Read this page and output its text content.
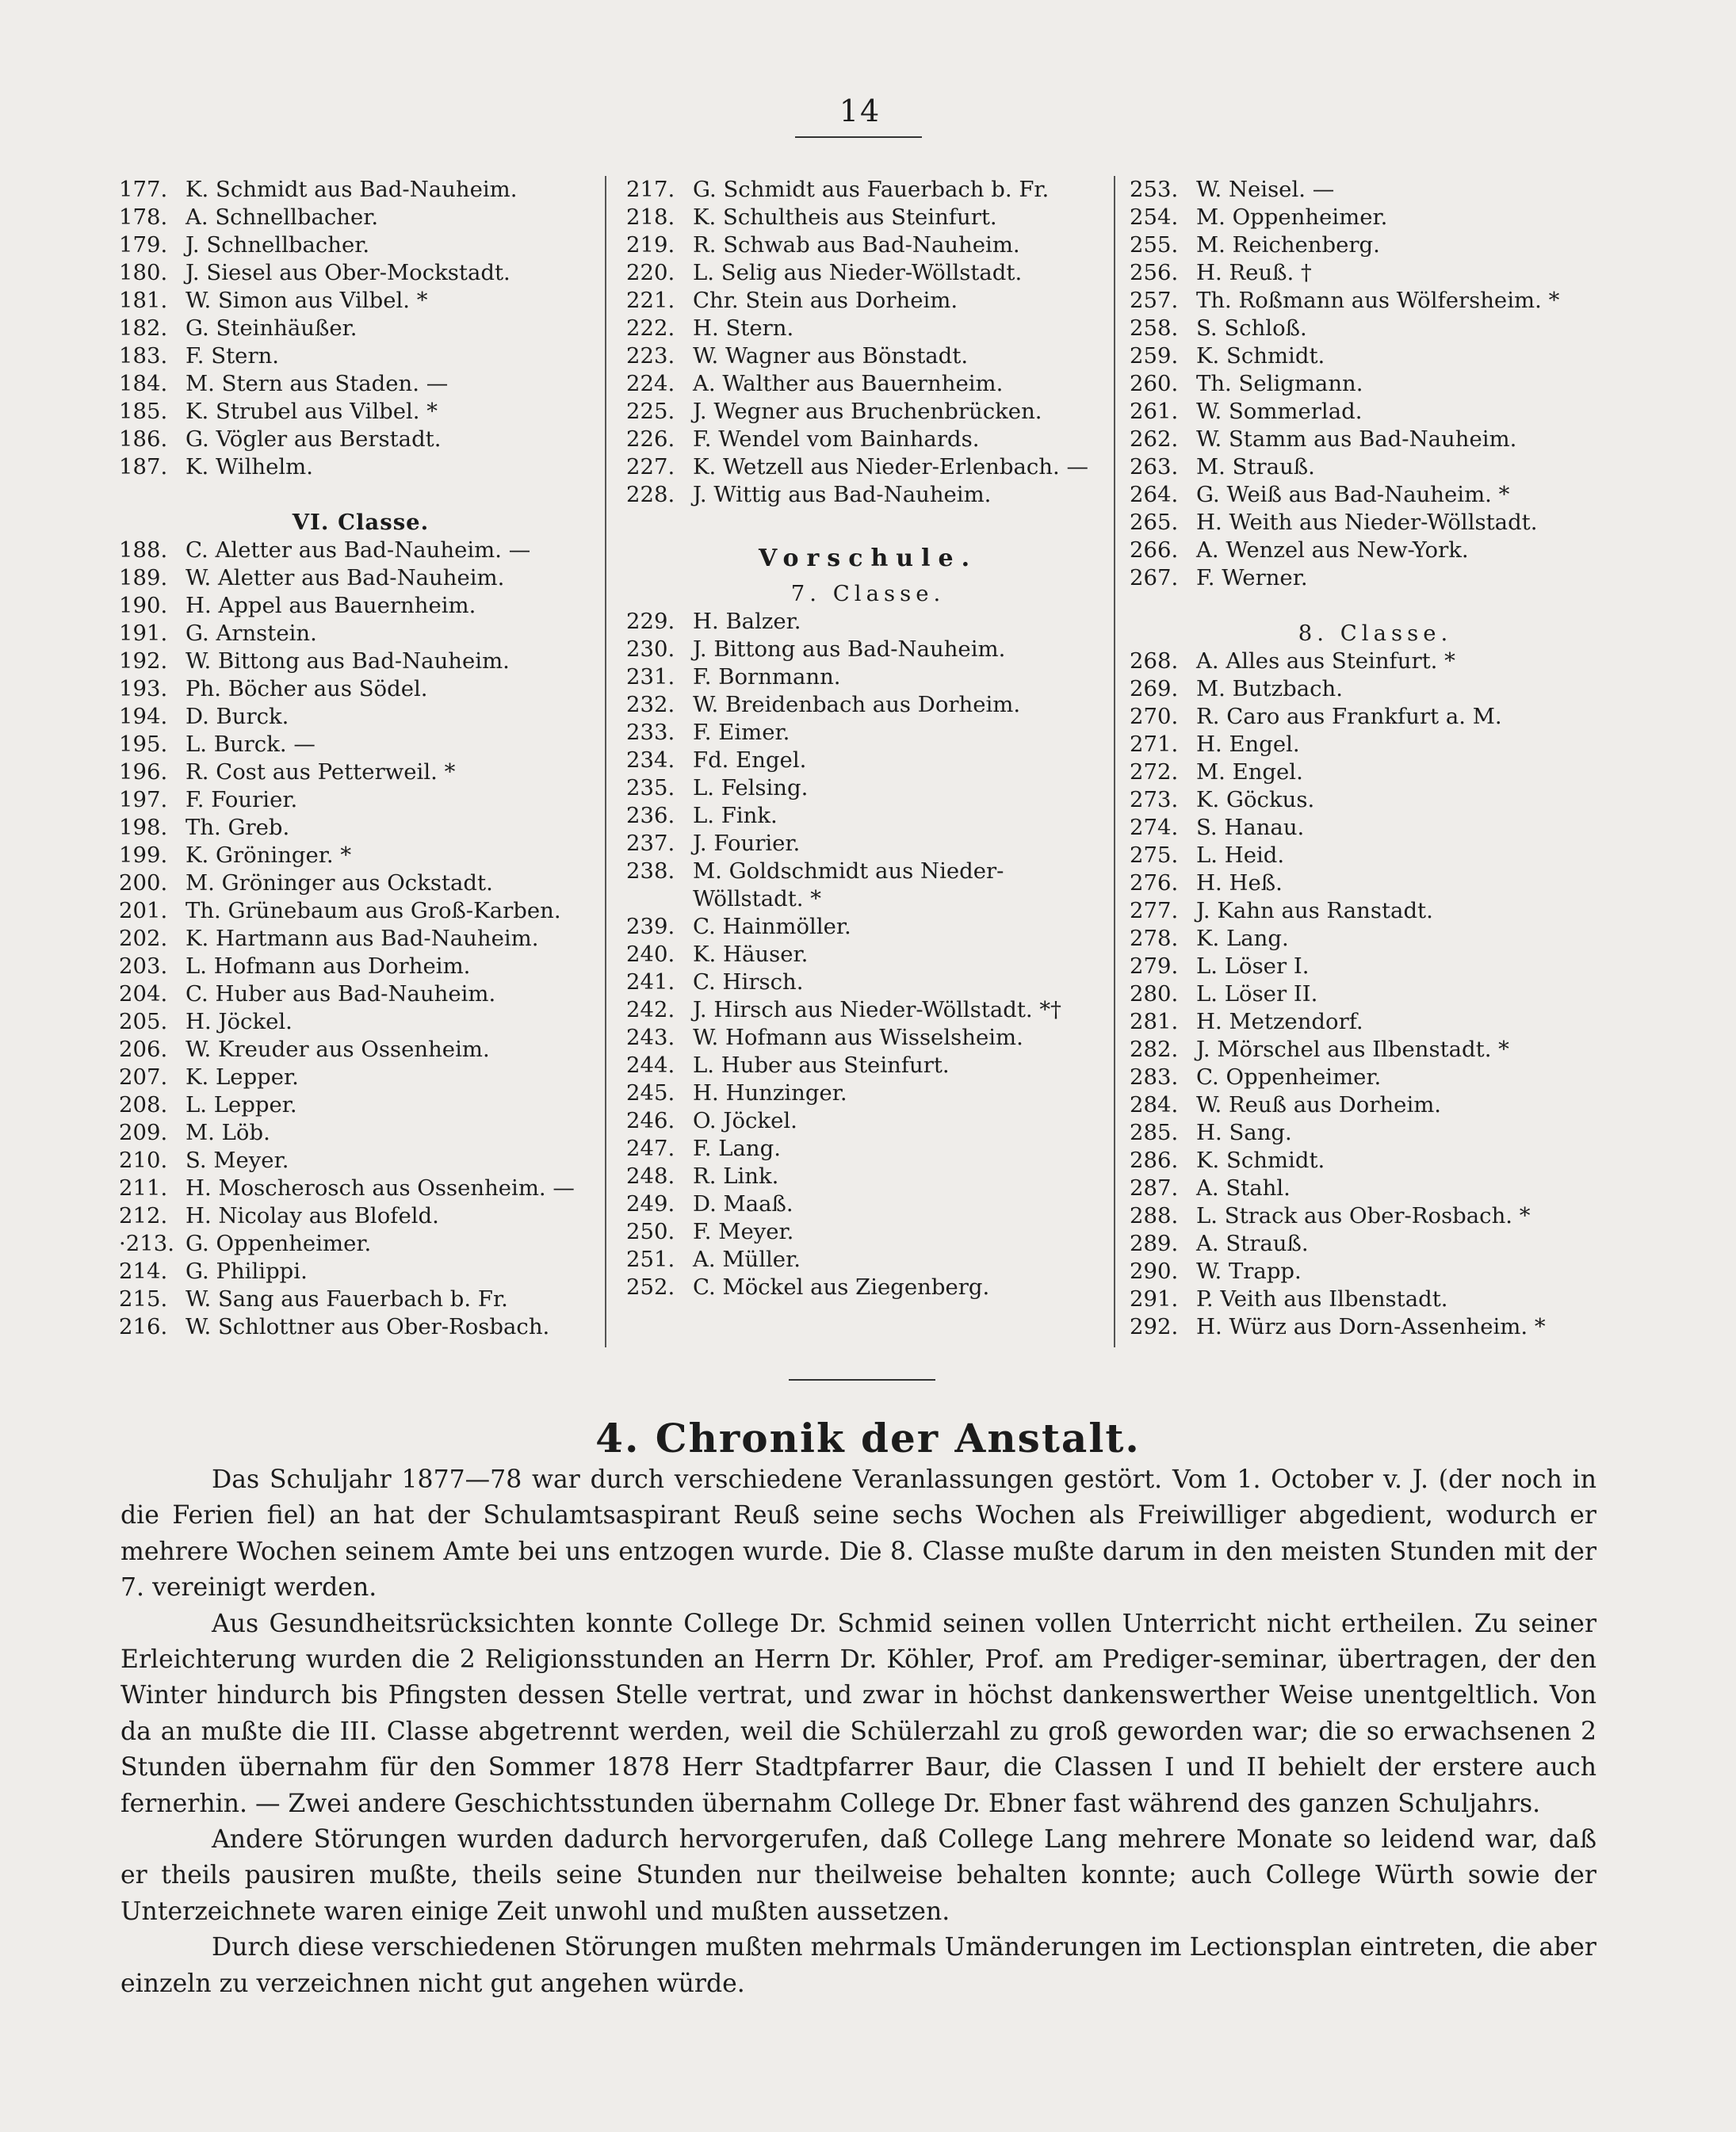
14
177. K. Schmidt aus Bad-Nauheim.
178. A. Schnellbacher.
179. J. Schnellbacher.
180. J. Siesel aus Ober-Mockstadt.
181. W. Simon aus Vilbel. *
182. G. Steinhäußer.
183. F. Stern.
184. M. Stern aus Staden. —
185. K. Strubel aus Vilbel. *
186. G. Vögler aus Berstadt.
187. K. Wilhelm.
VI. Classe.
188. C. Aletter aus Bad-Nauheim. —
189. W. Aletter aus Bad-Nauheim.
190. H. Appel aus Bauernheim.
191. G. Arnstein.
192. W. Bittong aus Bad-Nauheim.
193. Ph. Böcher aus Södel.
194. D. Burck.
195. L. Burck. —
196. R. Cost aus Petterweil. *
197. F. Fourier.
198. Th. Greb.
199. K. Gröninger. *
200. M. Gröninger aus Ockstadt.
201. Th. Grünebaum aus Groß-Karben.
202. K. Hartmann aus Bad-Nauheim.
203. L. Hofmann aus Dorheim.
204. C. Huber aus Bad-Nauheim.
205. H. Jöckel.
206. W. Kreuder aus Ossenheim.
207. K. Lepper.
208. L. Lepper.
209. M. Löb.
210. S. Meyer.
211. H. Moscherosch aus Ossenheim. —
212. H. Nicolay aus Blofeld.
·213. G. Oppenheimer.
214. G. Philippi.
215. W. Sang aus Fauerbach b. Fr.
216. W. Schlottner aus Ober-Rosbach.
217. G. Schmidt aus Fauerbach b. Fr.
218. K. Schultheis aus Steinfurt.
219. R. Schwab aus Bad-Nauheim.
220. L. Selig aus Nieder-Wöllstadt.
221. Chr. Stein aus Dorheim.
222. H. Stern.
223. W. Wagner aus Bönstadt.
224. A. Walther aus Bauernheim.
225. J. Wegner aus Bruchenbrücken.
226. F. Wendel vom Bainhards.
227. K. Wetzell aus Nieder-Erlenbach. —
228. J. Wittig aus Bad-Nauheim.
Vorschule.
7. Classe.
229. H. Balzer.
230. J. Bittong aus Bad-Nauheim.
231. F. Bornmann.
232. W. Breidenbach aus Dorheim.
233. F. Eimer.
234. Fd. Engel.
235. L. Felsing.
236. L. Fink.
237. J. Fourier.
238. M. Goldschmidt aus Nieder-
Wöllstadt. *
239. C. Hainmöller.
240. K. Häuser.
241. C. Hirsch.
242. J. Hirsch aus Nieder-Wöllstadt. *†
243. W. Hofmann aus Wisselsheim.
244. L. Huber aus Steinfurt.
245. H. Hunzinger.
246. O. Jöckel.
247. F. Lang.
248. R. Link.
249. D. Maaß.
250. F. Meyer.
251. A. Müller.
252. C. Möckel aus Ziegenberg.
253. W. Neisel. —
254. M. Oppenheimer.
255. M. Reichenberg.
256. H. Reuß. †
257. Th. Roßmann aus Wölfersheim. *
258. S. Schloß.
259. K. Schmidt.
260. Th. Seligmann.
261. W. Sommerlad.
262. W. Stamm aus Bad-Nauheim.
263. M. Strauß.
264. G. Weiß aus Bad-Nauheim. *
265. H. Weith aus Nieder-Wöllstadt.
266. A. Wenzel aus New-York.
267. F. Werner.
8. Classe.
268. A. Alles aus Steinfurt. *
269. M. Butzbach.
270. R. Caro aus Frankfurt a. M.
271. H. Engel.
272. M. Engel.
273. K. Göckus.
274. S. Hanau.
275. L. Heid.
276. H. Heß.
277. J. Kahn aus Ranstadt.
278. K. Lang.
279. L. Löser I.
280. L. Löser II.
281. H. Metzendorf.
282. J. Mörschel aus Ilbenstadt. *
283. C. Oppenheimer.
284. W. Reuß aus Dorheim.
285. H. Sang.
286. K. Schmidt.
287. A. Stahl.
288. L. Strack aus Ober-Rosbach. *
289. A. Strauß.
290. W. Trapp.
291. P. Veith aus Ilbenstadt.
292. H. Würz aus Dorn-Assenheim. *
4. Chronik der Anstalt.

Das Schuljahr 1877—78 war durch verschiedene Veranlassungen gestört. Vom 1. October v. J. (der noch in die Ferien fiel) an hat der Schulamtsaspirant Reuß seine sechs Wochen als Freiwilliger abgedient, wodurch er mehrere Wochen seinem Amte bei uns entzogen wurde. Die 8. Classe mußte darum in den meisten Stunden mit der 7. vereinigt werden.

Aus Gesundheitsrücksichten konnte College Dr. Schmid seinen vollen Unterricht nicht ertheilen. Zu seiner Erleichterung wurden die 2 Religionsstunden an Herrn Dr. Köhler, Prof. am Prediger-seminar, übertragen, der den Winter hindurch bis Pfingsten dessen Stelle vertrat, und zwar in höchst dankenswerther Weise unentgeltlich. Von da an mußte die III. Classe abgetrennt werden, weil die Schülerzahl zu groß geworden war; die so erwachsenen 2 Stunden übernahm für den Sommer 1878 Herr Stadtpfarrer Baur, die Classen I und II behielt der erstere auch fernerhin. — Zwei andere Geschichtsstunden übernahm College Dr. Ebner fast während des ganzen Schuljahrs.

Andere Störungen wurden dadurch hervorgerufen, daß College Lang mehrere Monate so leidend war, daß er theils pausiren mußte, theils seine Stunden nur theilweise behalten konnte; auch College Würth sowie der Unterzeichnete waren einige Zeit unwohl und mußten aussetzen.

Durch diese verschiedenen Störungen mußten mehrmals Umänderungen im Lectionsplan eintreten, die aber einzeln zu verzeichnen nicht gut angehen würde.
